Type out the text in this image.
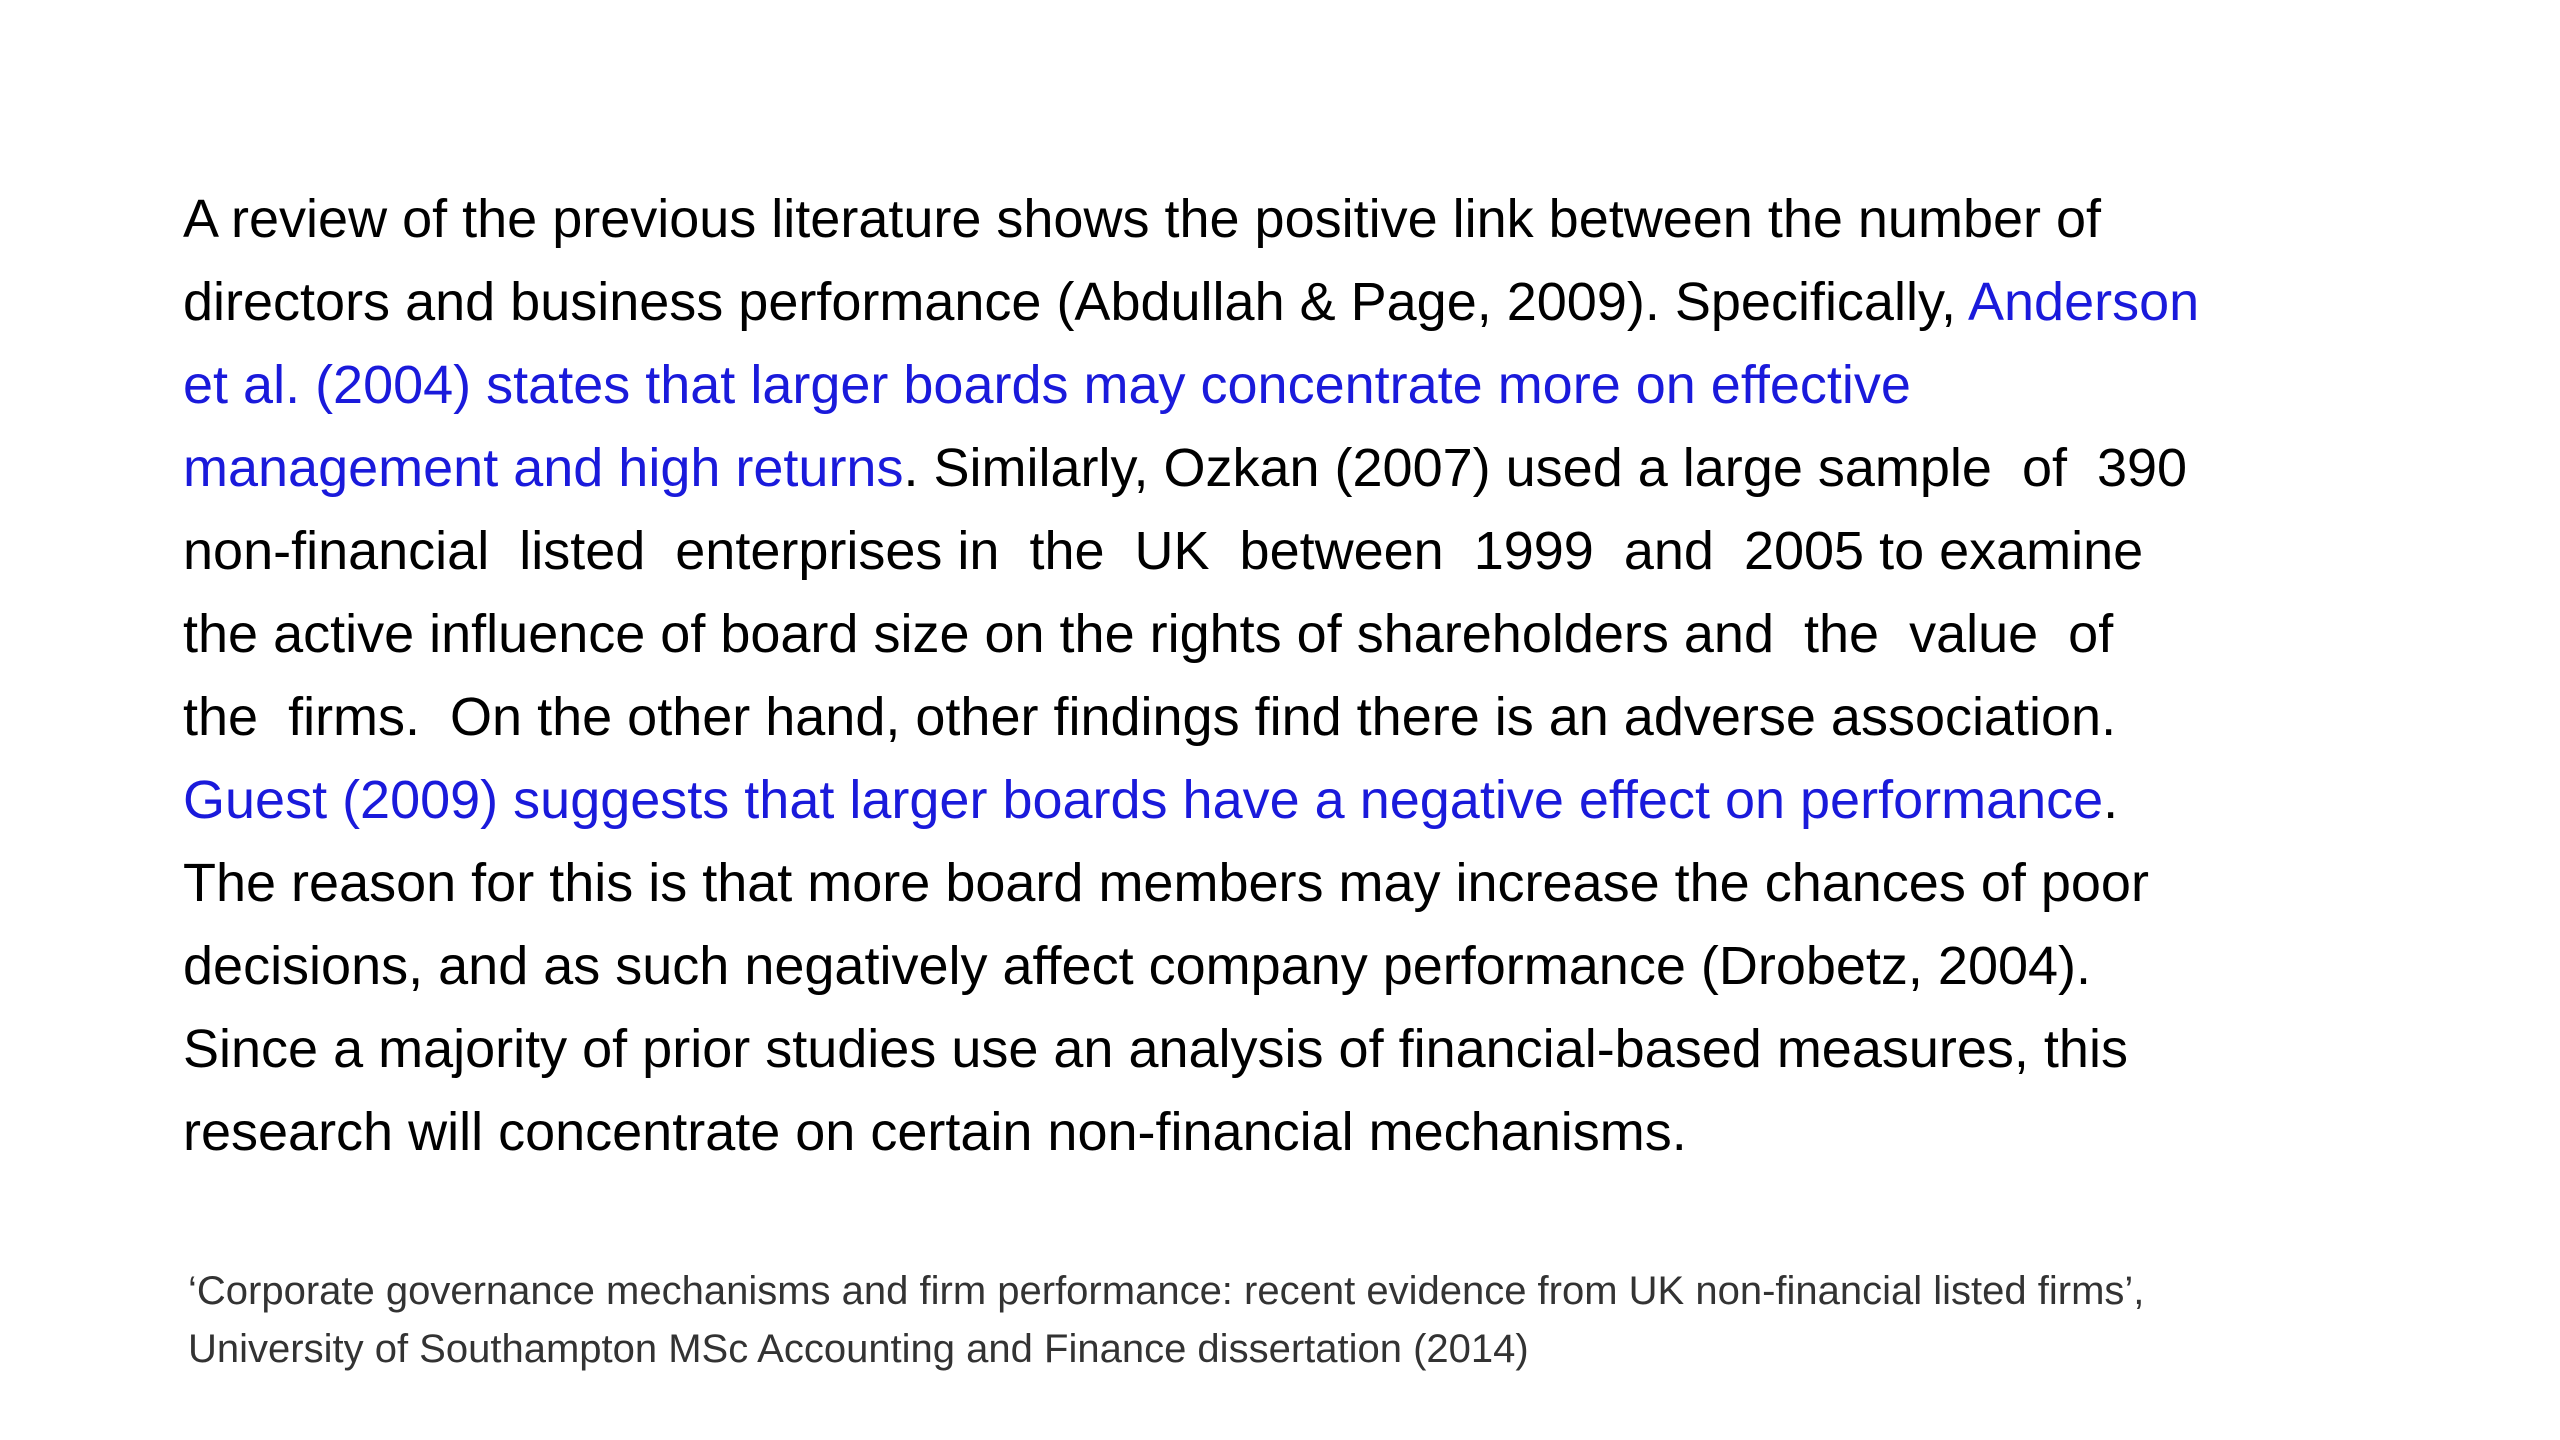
A review of the previous literature shows the positive link between the number of
directors and business performance (Abdullah & Page, 2009). Specifically, Anderson
et al. (2004) states that larger boards may concentrate more on effective
management and high returns. Similarly, Ozkan (2007) used a large sample  of  390
non-financial  listed  enterprises in  the  UK  between  1999  and  2005 to examine
the active influence of board size on the rights of shareholders and  the  value  of
the  firms.  On the other hand, other findings find there is an adverse association.
Guest (2009) suggests that larger boards have a negative effect on performance.
The reason for this is that more board members may increase the chances of poor
decisions, and as such negatively affect company performance (Drobetz, 2004).
Since a majority of prior studies use an analysis of financial-based measures, this
research will concentrate on certain non-financial mechanisms.

‘Corporate governance mechanisms and firm performance: recent evidence from UK non-financial listed firms’,
University of Southampton MSc Accounting and Finance dissertation (2014)
